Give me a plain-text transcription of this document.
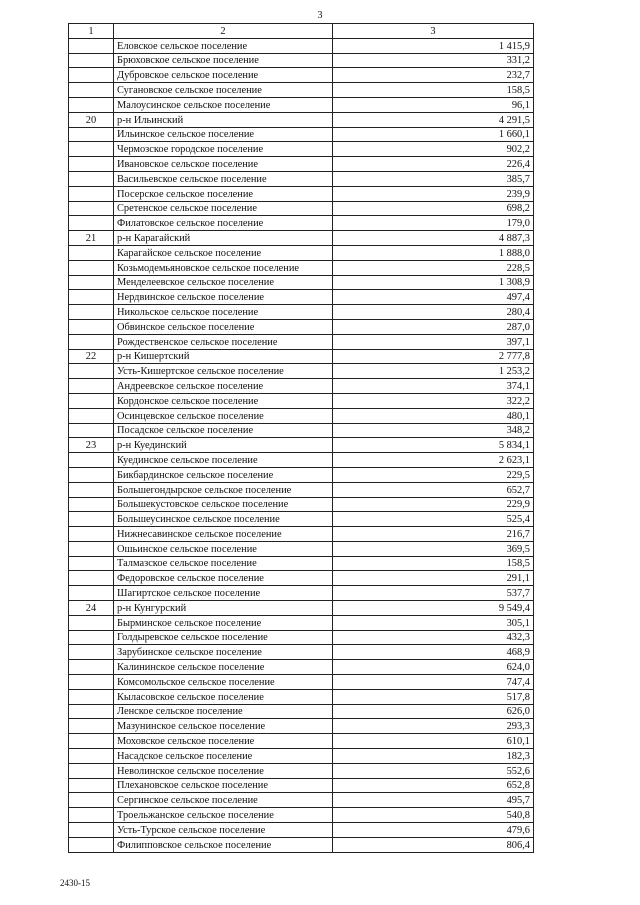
3
1	2	3
	Еловское сельское поселение	1 415,9
	Брюховское сельское поселение	331,2
	Дубровское сельское поселение	232,7
	Сугановское сельское поселение	158,5
	Малоусинское сельское поселение	96,1
20	р-н Ильинский	4 291,5
	Ильинское сельское поселение	1 660,1
	Чермозское городское поселение	902,2
	Ивановское сельское поселение	226,4
	Васильевское сельское поселение	385,7
	Посерское сельское поселение	239,9
	Сретенское сельское поселение	698,2
	Филатовское сельское поселение	179,0
21	р-н Карагайский	4 887,3
	Карагайское сельское поселение	1 888,0
	Козьмодемьяновское сельское поселение	228,5
	Менделеевское сельское поселение	1 308,9
	Нердвинское сельское поселение	497,4
	Никольское сельское поселение	280,4
	Обвинское сельское поселение	287,0
	Рождественское сельское поселение	397,1
22	р-н Кишертский	2 777,8
	Усть-Кишертское сельское поселение	1 253,2
	Андреевское сельское поселение	374,1
	Кордонское сельское поселение	322,2
	Осинцевское сельское поселение	480,1
	Посадское сельское поселение	348,2
23	р-н Куединский	5 834,1
	Куединское сельское поселение	2 623,1
	Бикбардинское сельское поселение	229,5
	Большегондырское сельское поселение	652,7
	Большекустовское сельское поселение	229,9
	Большеусинское сельское поселение	525,4
	Нижнесавинское сельское поселение	216,7
	Ошьинское сельское поселение	369,5
	Талмазское сельское поселение	158,5
	Федоровское сельское поселение	291,1
	Шагиртское сельское поселение	537,7
24	р-н Кунгурский	9 549,4
	Бырминское сельское поселение	305,1
	Голдыревское сельское поселение	432,3
	Зарубинское сельское поселение	468,9
	Калининское сельское поселение	624,0
	Комсомольское сельское поселение	747,4
	Кыласовское сельское поселение	517,8
	Ленское сельское поселение	626,0
	Мазунинское сельское поселение	293,3
	Моховское сельское поселение	610,1
	Насадское сельское поселение	182,3
	Неволинское сельское поселение	552,6
	Плехановское сельское поселение	652,8
	Сергинское сельское поселение	495,7
	Троельжанское сельское поселение	540,8
	Усть-Турское сельское поселение	479,6
	Филипповское сельское поселение	806,4
2430-15
